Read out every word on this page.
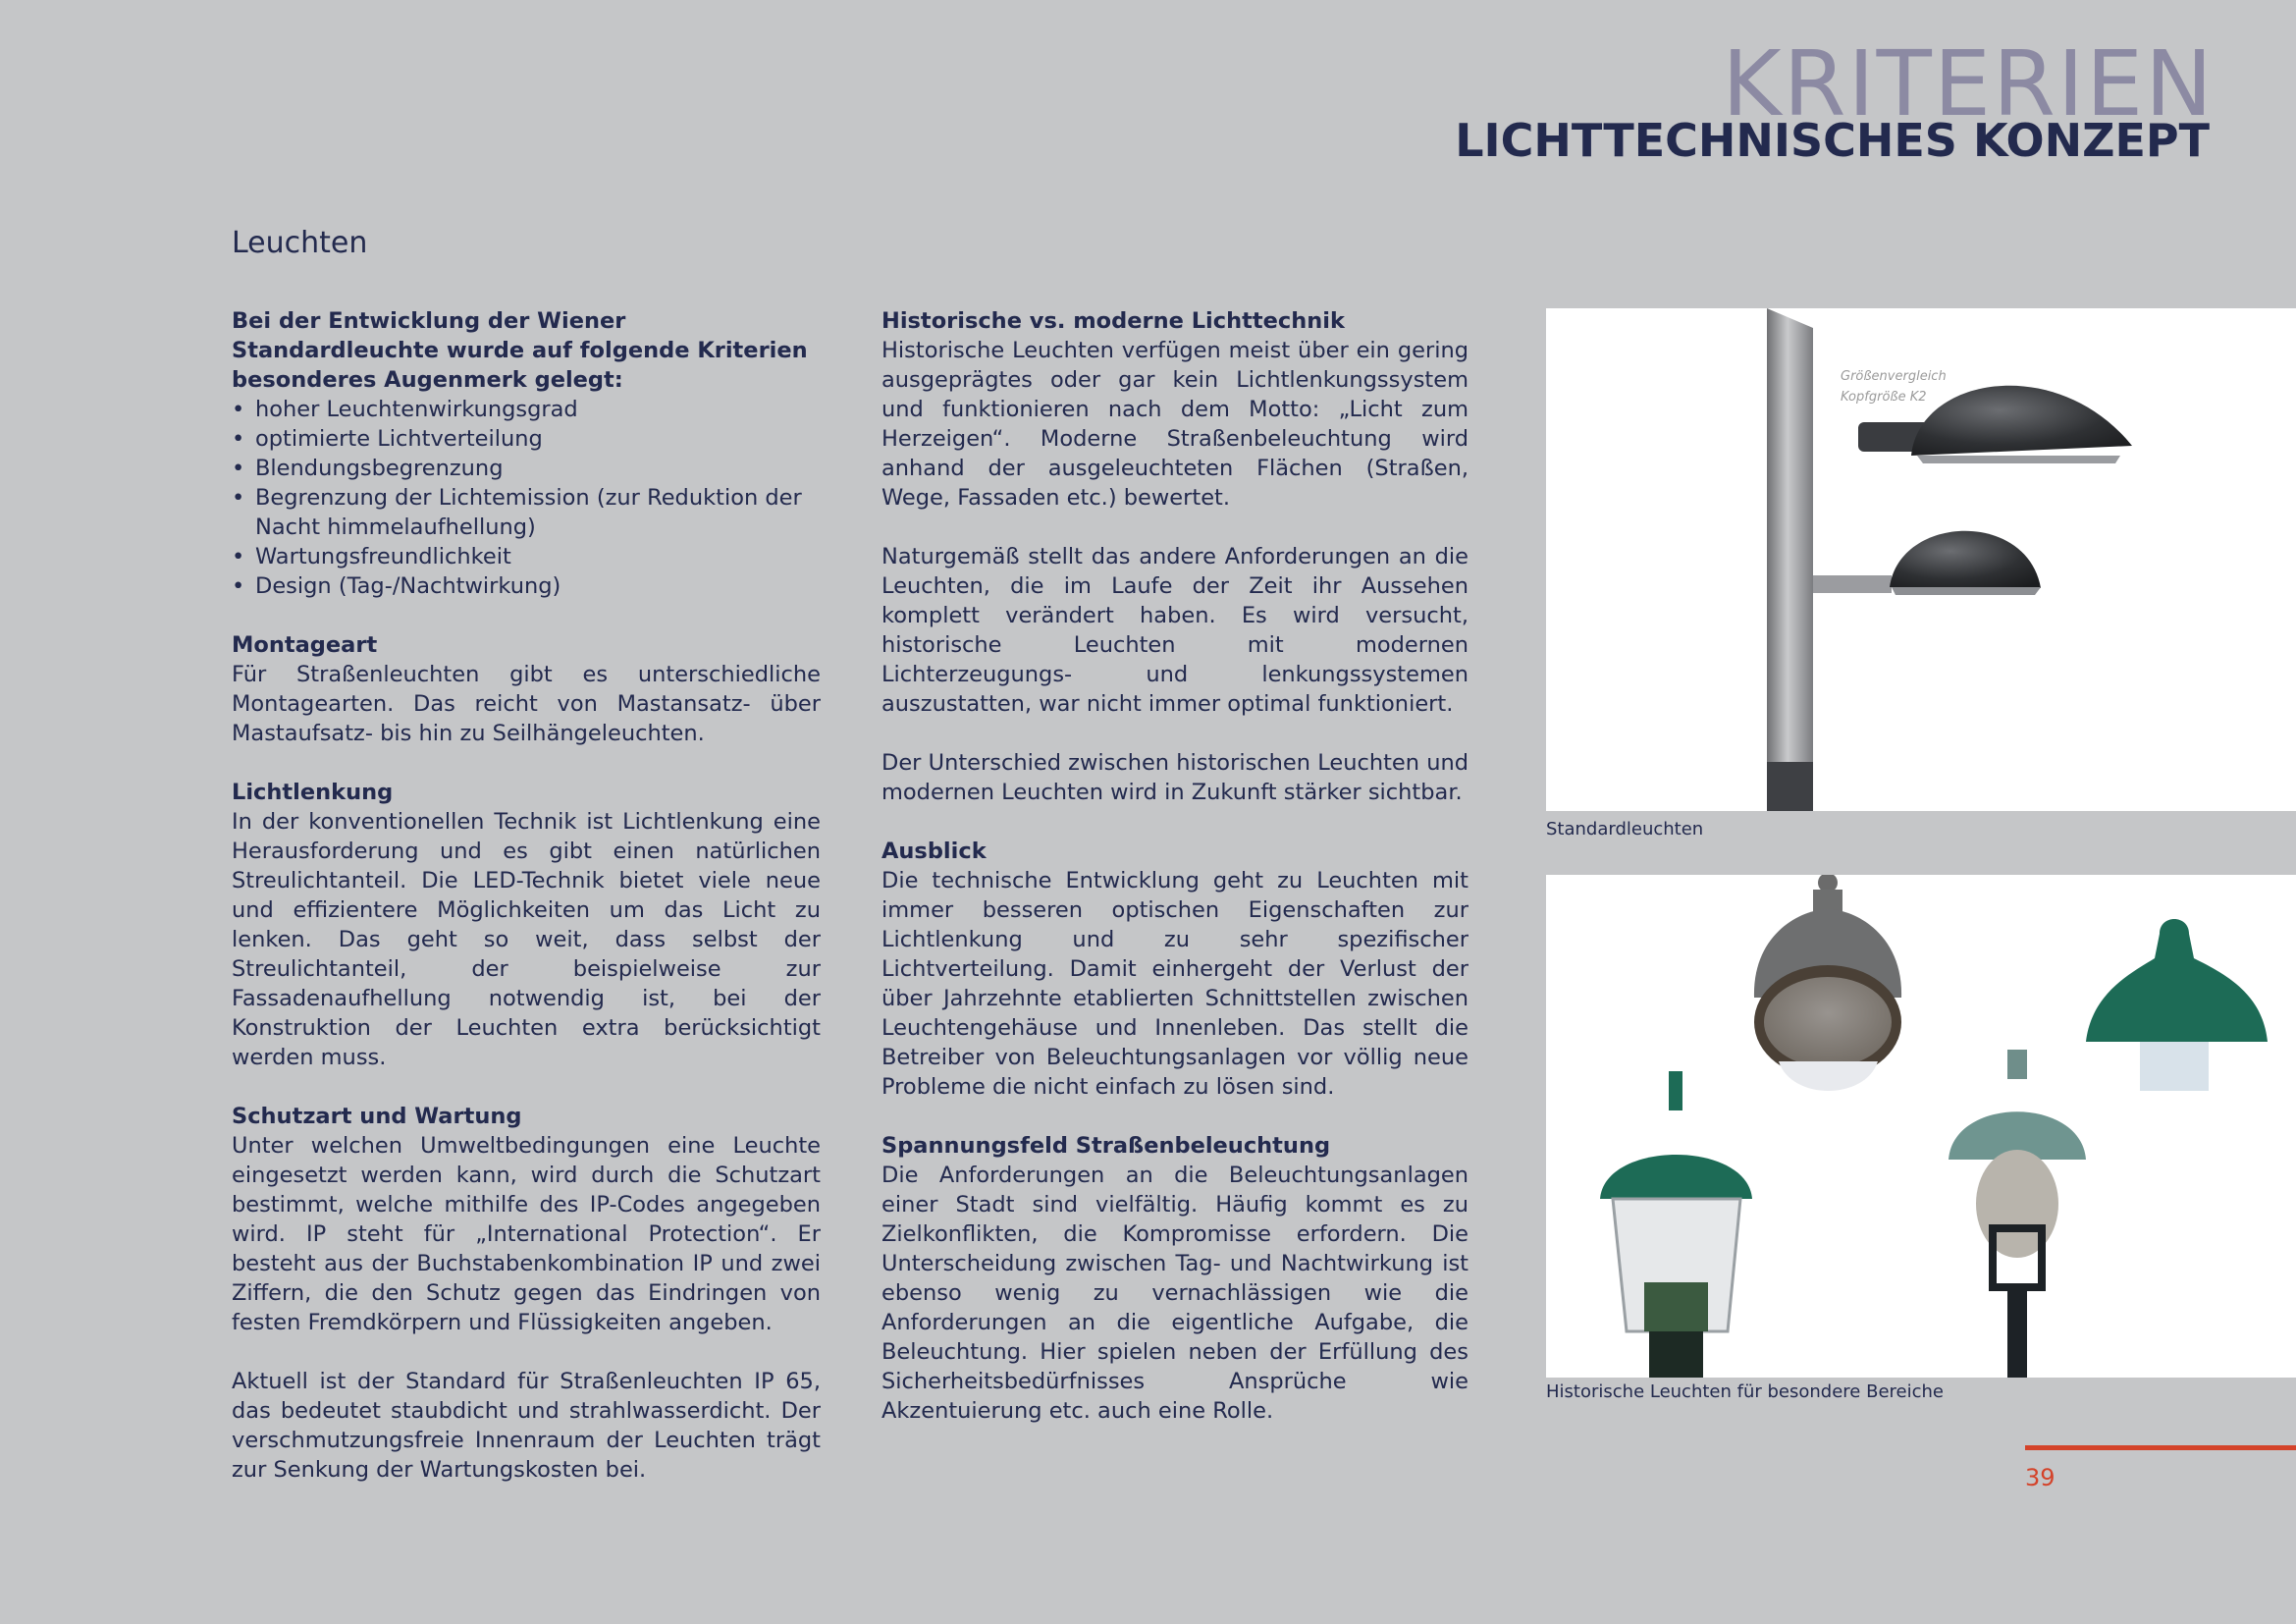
KRITERIEN
LICHTTECHNISCHES KONZEPT
Leuchten
Bei der Entwicklung der Wiener Standardleuchte wurde auf folgende Kriterien besonderes Augenmerk gelegt:
• hoher Leuchtenwirkungsgrad
• optimierte Lichtverteilung
• Blendungsbegrenzung
• Begrenzung der Lichtemission (zur Reduktion der Nacht himmelaufhellung)
• Wartungsfreundlichkeit
• Design (Tag-/Nachtwirkung)
Montageart

Für Straßenleuchten gibt es unterschiedliche Montagearten. Das reicht von Mastansatz- über Mastaufsatz- bis hin zu Seilhängeleuchten.

Lichtlenkung

In der konventionellen Technik ist Lichtlenkung eine Herausforderung und es gibt einen natürlichen Streulichtanteil. Die LED-Technik bietet viele neue und effizientere Möglichkeiten um das Licht zu lenken. Das geht so weit, dass selbst der Streulichtanteil, der beispielweise zur Fassadenaufhellung notwendig ist, bei der Konstruktion der Leuchten extra berücksichtigt werden muss.

Schutzart und Wartung

Unter welchen Umweltbedingungen eine Leuchte eingesetzt werden kann, wird durch die Schutzart bestimmt, welche mithilfe des IP-Codes angegeben wird. IP steht für „International Protection“. Er besteht aus der Buchstabenkombination IP und zwei Ziffern, die den Schutz gegen das Eindringen von festen Fremdkörpern und Flüssigkeiten angeben.

Aktuell ist der Standard für Straßenleuchten IP 65, das bedeutet staubdicht und strahlwasserdicht. Der verschmutzungsfreie Innenraum der Leuchten trägt zur Senkung der Wartungskosten bei.

Historische vs. moderne Lichttechnik

Historische Leuchten verfügen meist über ein gering ausgeprägtes oder gar kein Lichtlenkungssystem und funktionieren nach dem Motto: „Licht zum Herzeigen“. Moderne Straßenbeleuchtung wird anhand der ausgeleuchteten Flächen (Straßen, Wege, Fassaden etc.) bewertet.

Naturgemäß stellt das andere Anforderungen an die Leuchten, die im Laufe der Zeit ihr Aussehen komplett verändert haben. Es wird versucht, historische Leuchten mit modernen Lichterzeugungs- und lenkungssystemen auszustatten, war nicht immer optimal funktioniert.

Der Unterschied zwischen historischen Leuchten und modernen Leuchten wird in Zukunft stärker sichtbar.

Ausblick

Die technische Entwicklung geht zu Leuchten mit immer besseren optischen Eigenschaften zur Lichtlenkung und zu sehr spezifischer Lichtverteilung. Damit einhergeht der Verlust der über Jahrzehnte etablierten Schnittstellen zwischen Leuchtengehäuse und Innenleben. Das stellt die Betreiber von Beleuchtungsanlagen vor völlig neue Probleme die nicht einfach zu lösen sind.

Spannungsfeld Straßenbeleuchtung

Die Anforderungen an die Beleuchtungsanlagen einer Stadt sind vielfältig. Häufig kommt es zu Zielkonflikten, die Kompromisse erfordern. Die Unterscheidung zwischen Tag- und Nachtwirkung ist ebenso wenig zu vernachlässigen wie die Anforderungen an die eigentliche Aufgabe, die Beleuchtung. Hier spielen neben der Erfüllung des Sicherheitsbedürfnisses Ansprüche wie Akzentuierung etc. auch eine Rolle.

Größenvergleich
Kopfgröße K2
Standardleuchten
Historische Leuchten für besondere Bereiche
39
